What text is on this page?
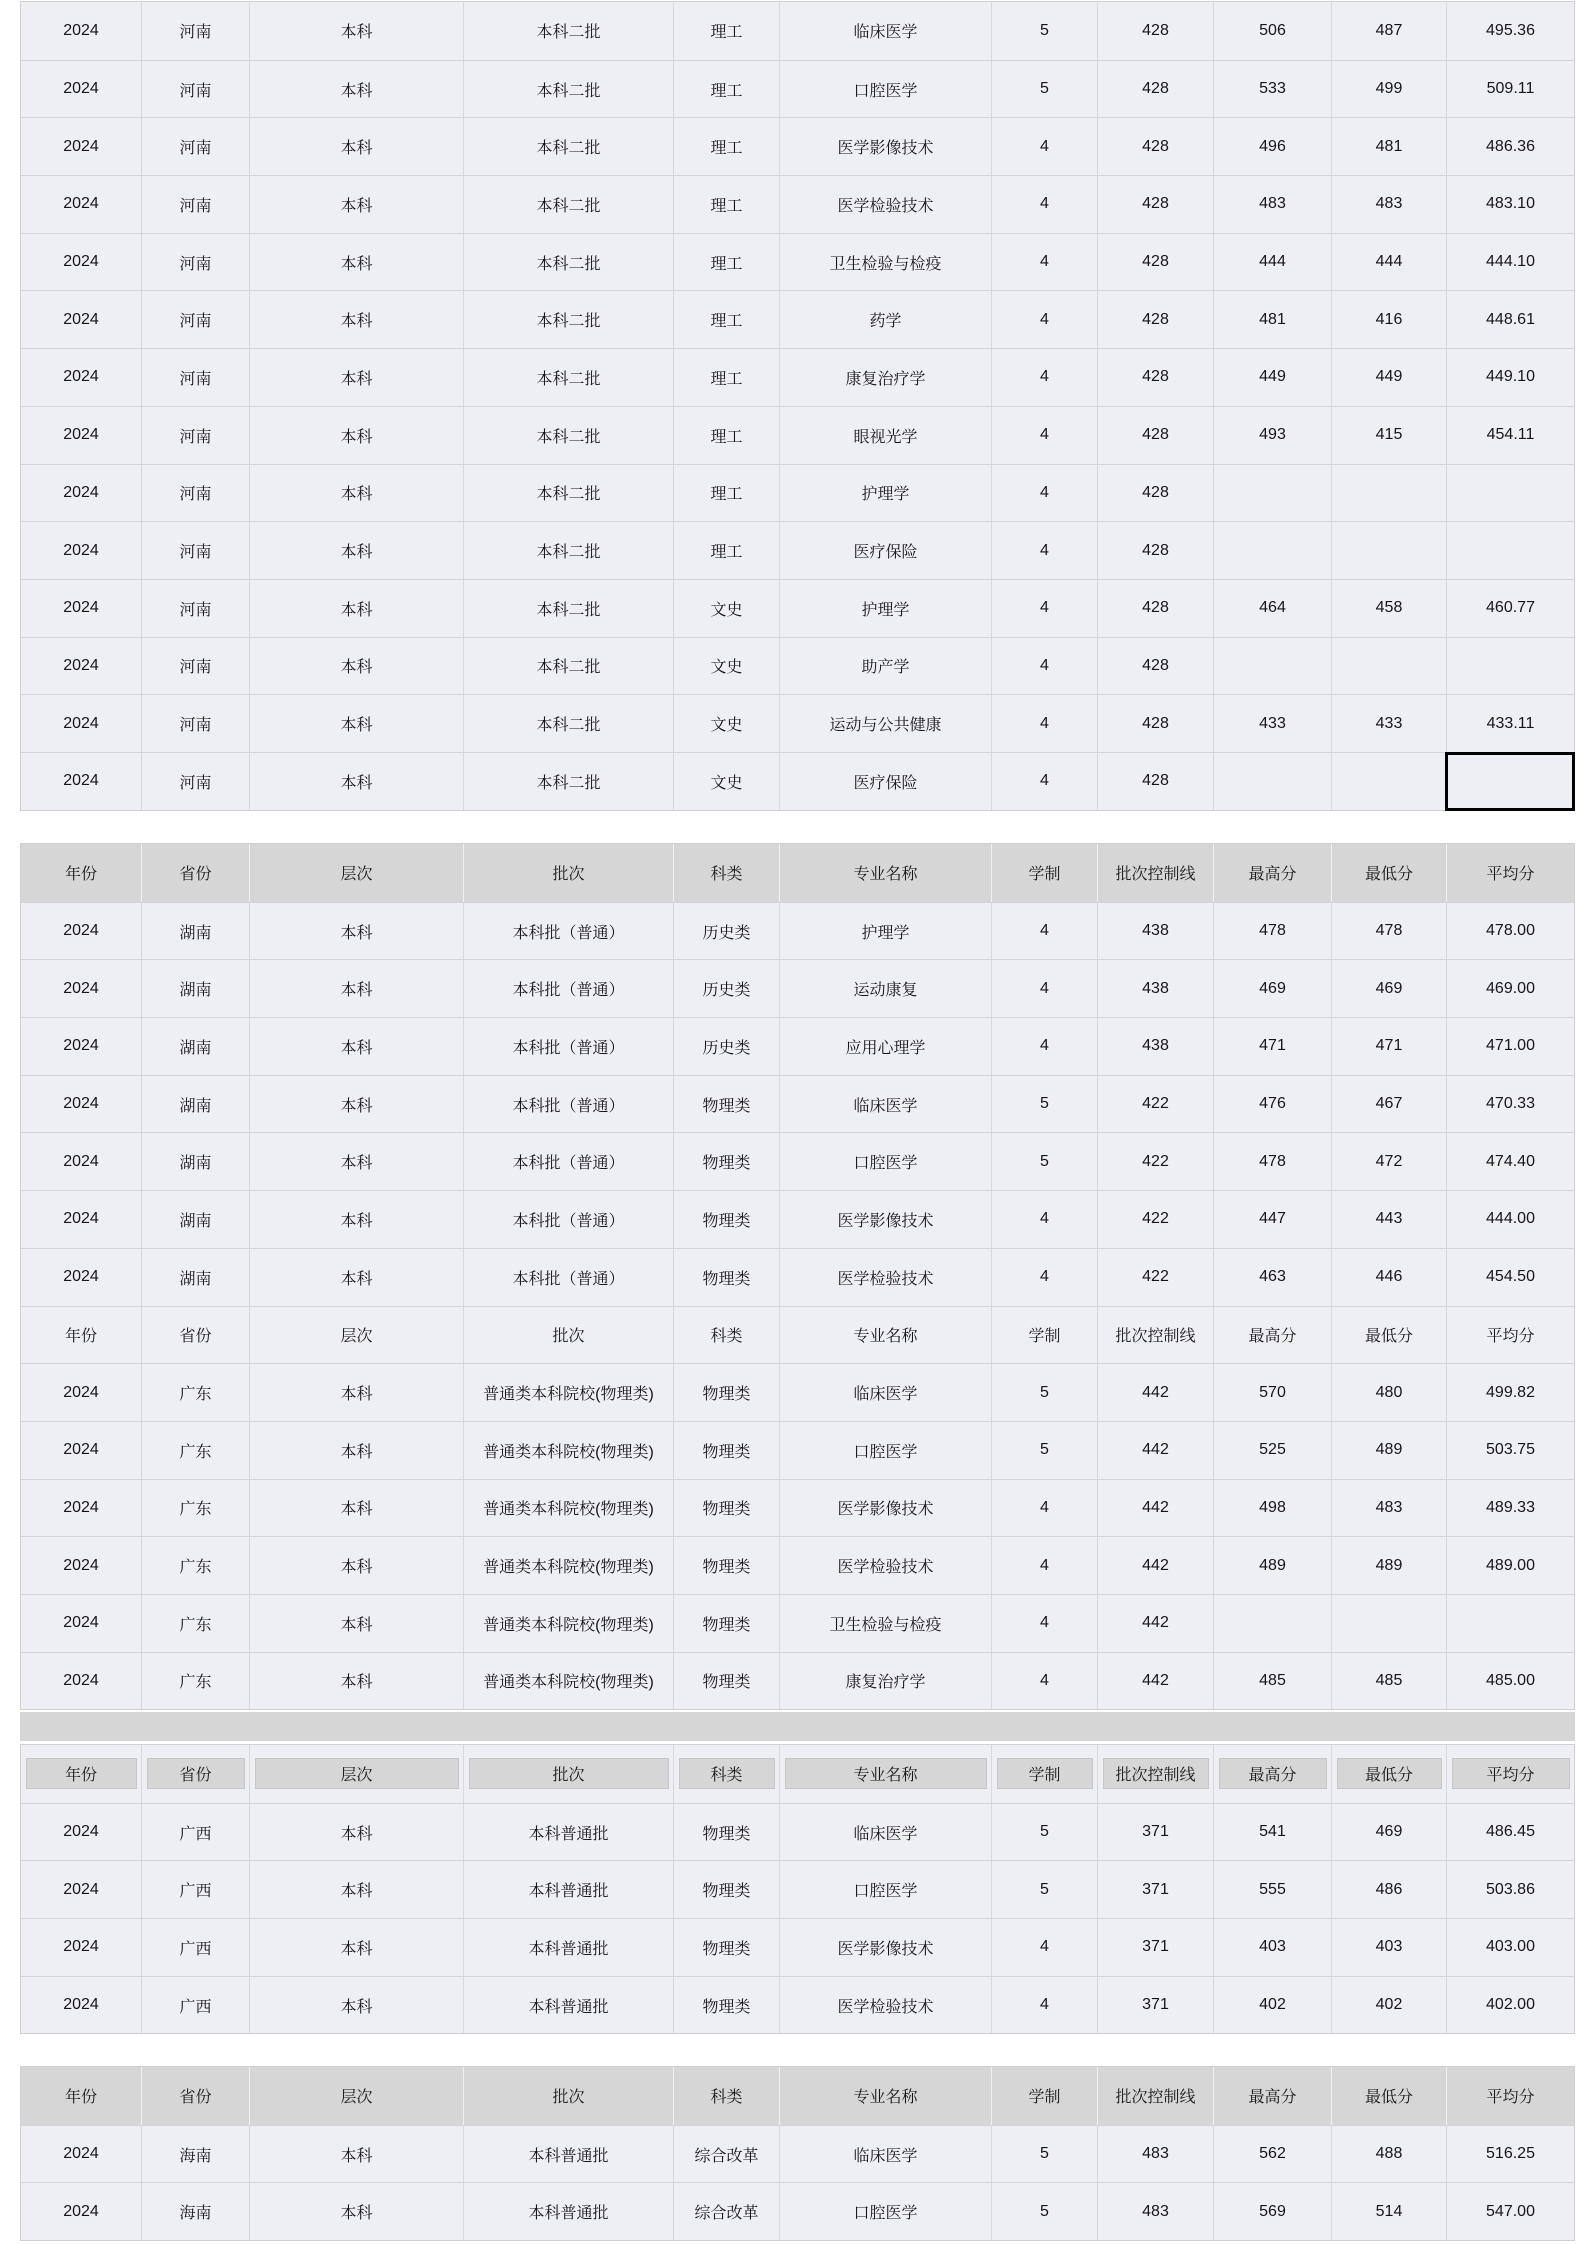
2024	河南	本科	本科二批	理工	临床医学	5	428	506	487	495.36
2024	河南	本科	本科二批	理工	口腔医学	5	428	533	499	509.11
2024	河南	本科	本科二批	理工	医学影像技术	4	428	496	481	486.36
2024	河南	本科	本科二批	理工	医学检验技术	4	428	483	483	483.10
2024	河南	本科	本科二批	理工	卫生检验与检疫	4	428	444	444	444.10
2024	河南	本科	本科二批	理工	药学	4	428	481	416	448.61
2024	河南	本科	本科二批	理工	康复治疗学	4	428	449	449	449.10
2024	河南	本科	本科二批	理工	眼视光学	4	428	493	415	454.11
2024	河南	本科	本科二批	理工	护理学	4	428
2024	河南	本科	本科二批	理工	医疗保险	4	428
2024	河南	本科	本科二批	文史	护理学	4	428	464	458	460.77
2024	河南	本科	本科二批	文史	助产学	4	428
2024	河南	本科	本科二批	文史	运动与公共健康	4	428	433	433	433.11
2024	河南	本科	本科二批	文史	医疗保险	4	428
年份	省份	层次	批次	科类	专业名称	学制	批次控制线	最高分	最低分	平均分
2024	湖南	本科	本科批（普通）	历史类	护理学	4	438	478	478	478.00
2024	湖南	本科	本科批（普通）	历史类	运动康复	4	438	469	469	469.00
2024	湖南	本科	本科批（普通）	历史类	应用心理学	4	438	471	471	471.00
2024	湖南	本科	本科批（普通）	物理类	临床医学	5	422	476	467	470.33
2024	湖南	本科	本科批（普通）	物理类	口腔医学	5	422	478	472	474.40
2024	湖南	本科	本科批（普通）	物理类	医学影像技术	4	422	447	443	444.00
2024	湖南	本科	本科批（普通）	物理类	医学检验技术	4	422	463	446	454.50
年份	省份	层次	批次	科类	专业名称	学制	批次控制线	最高分	最低分	平均分
2024	广东	本科	普通类本科院校(物理类)	物理类	临床医学	5	442	570	480	499.82
2024	广东	本科	普通类本科院校(物理类)	物理类	口腔医学	5	442	525	489	503.75
2024	广东	本科	普通类本科院校(物理类)	物理类	医学影像技术	4	442	498	483	489.33
2024	广东	本科	普通类本科院校(物理类)	物理类	医学检验技术	4	442	489	489	489.00
2024	广东	本科	普通类本科院校(物理类)	物理类	卫生检验与检疫	4	442
2024	广东	本科	普通类本科院校(物理类)	物理类	康复治疗学	4	442	485	485	485.00
年份	省份	层次	批次	科类	专业名称	学制	批次控制线	最高分	最低分	平均分
2024	广西	本科	本科普通批	物理类	临床医学	5	371	541	469	486.45
2024	广西	本科	本科普通批	物理类	口腔医学	5	371	555	486	503.86
2024	广西	本科	本科普通批	物理类	医学影像技术	4	371	403	403	403.00
2024	广西	本科	本科普通批	物理类	医学检验技术	4	371	402	402	402.00
年份	省份	层次	批次	科类	专业名称	学制	批次控制线	最高分	最低分	平均分
2024	海南	本科	本科普通批	综合改革	临床医学	5	483	562	488	516.25
2024	海南	本科	本科普通批	综合改革	口腔医学	5	483	569	514	547.00
